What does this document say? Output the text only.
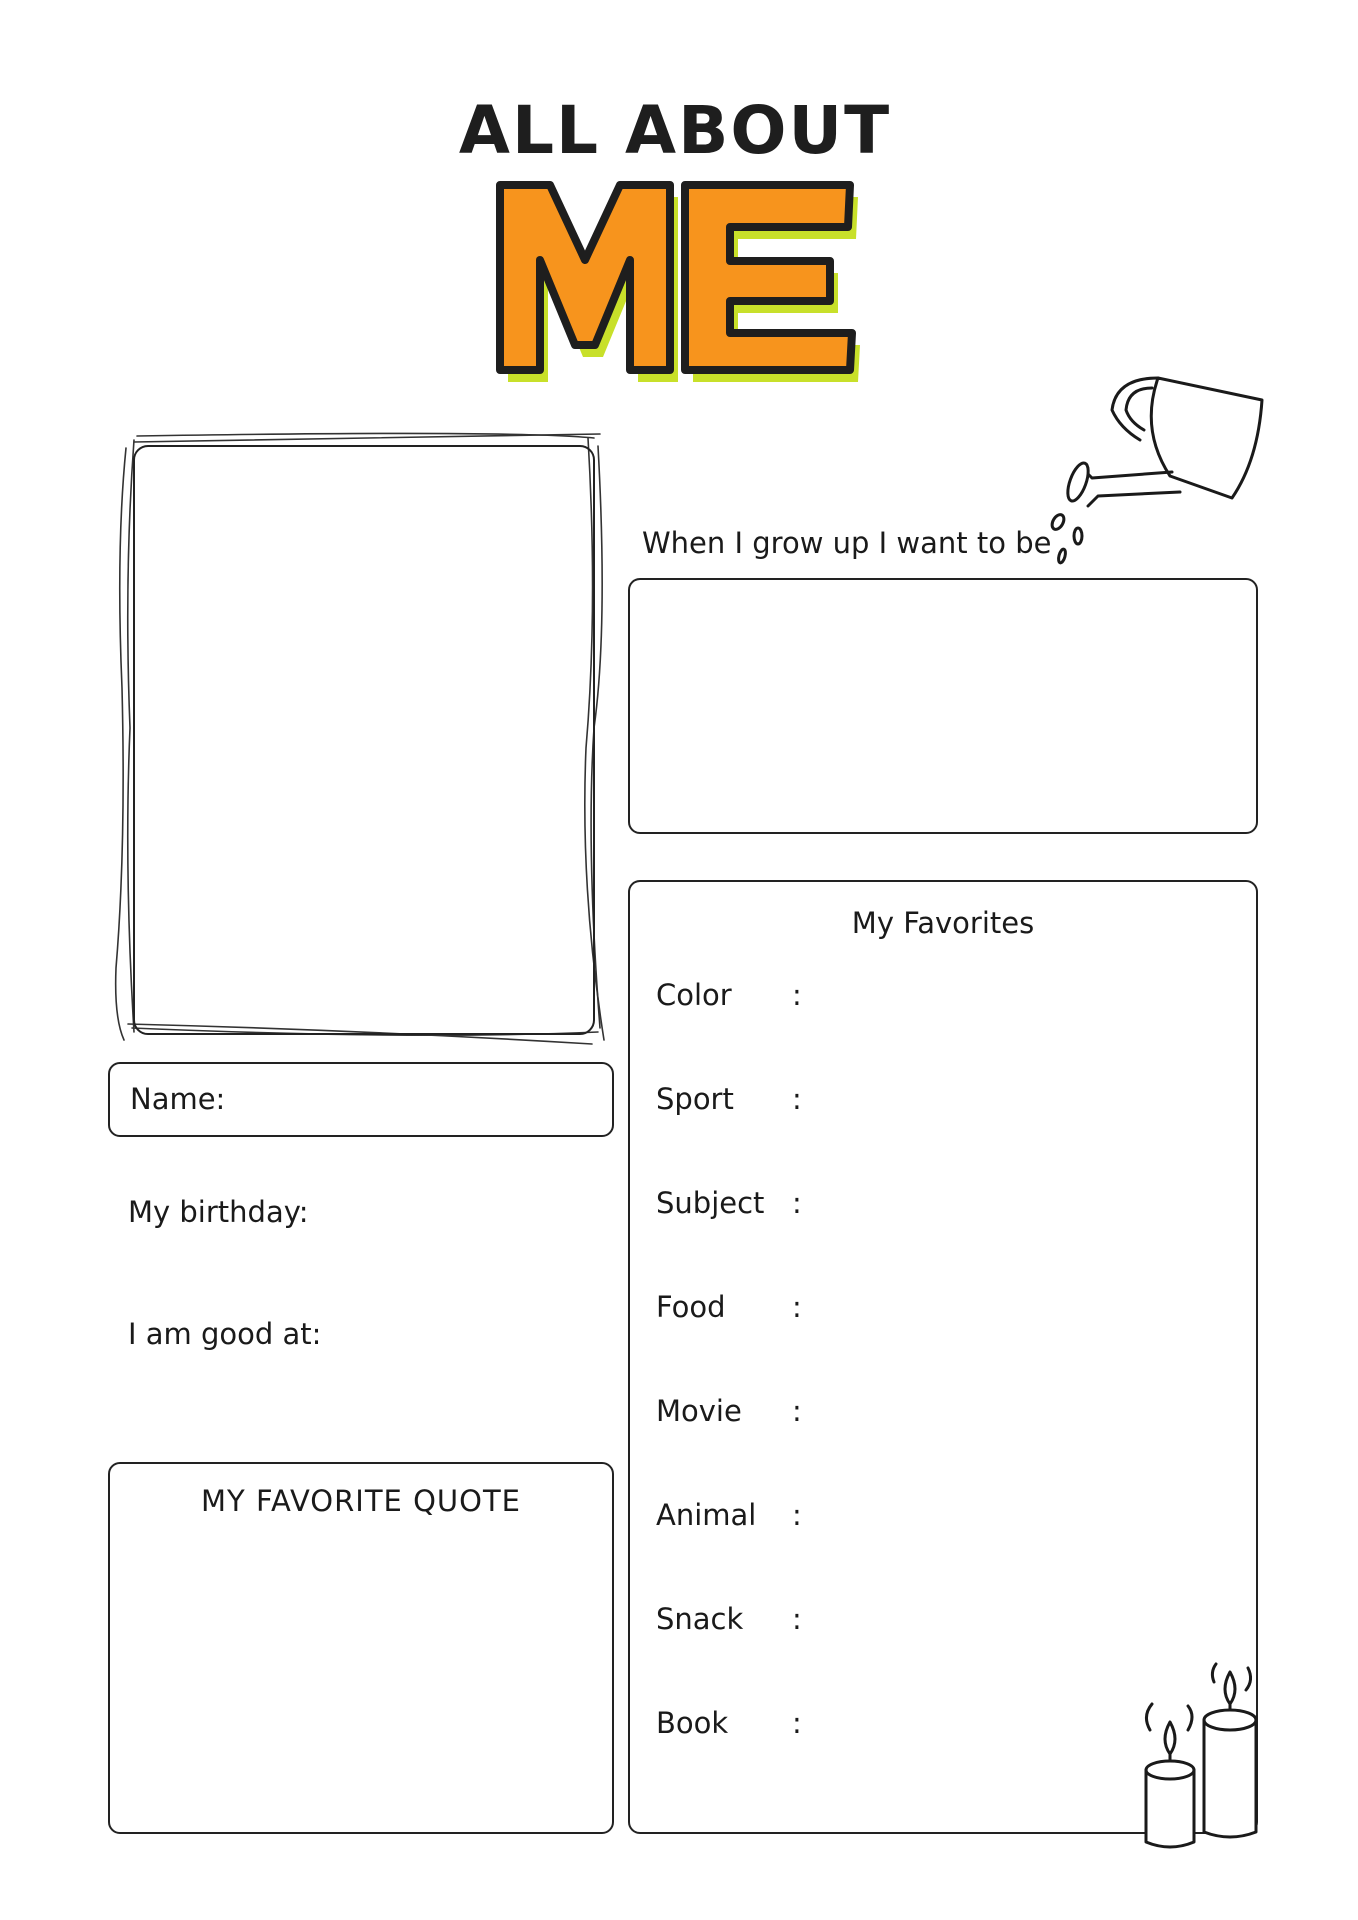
ALL ABOUT
Name:
My birthday:
I am good at:
MY FAVORITE QUOTE
When I grow up I want to be
My Favorites
Color :
Sport :
Subject :
Food :
Movie :
Animal :
Snack :
Book :
